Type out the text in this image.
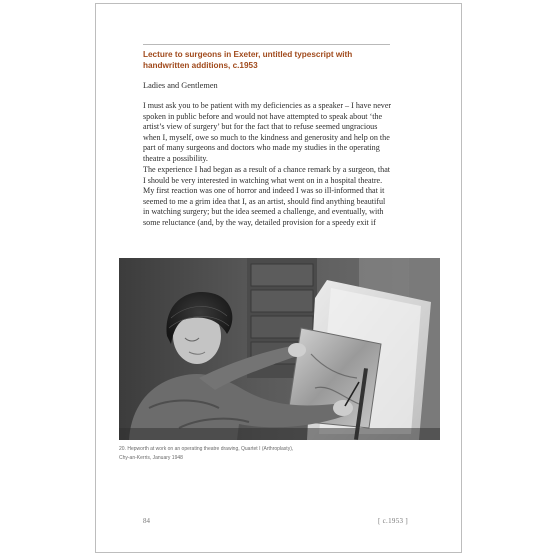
Lecture to surgeons in Exeter, untitled typescript with
handwritten additions, c.1953
Ladies and Gentlemen
I must ask you to be patient with my deficiencies as a speaker – I have never
spoken in public before and would not have attempted to speak about ‘the
artist’s view of surgery’ but for the fact that to refuse seemed ungracious
when I, myself, owe so much to the kindness and generosity and help on the
part of many surgeons and doctors who made my studies in the operating
theatre a possibility.
The experience I had began as a result of a chance remark by a surgeon, that
I should be very interested in watching what went on in a hospital theatre.
My first reaction was one of horror and indeed I was so ill-informed that it
seemed to me a grim idea that I, as an artist, should find anything beautiful
in watching surgery; but the idea seemed a challenge, and eventually, with
some reluctance (and, by the way, detailed provision for a speedy exit if
20. Hepworth at work on an operating theatre drawing, Quartet I (Arthroplasty),
Chy-an-Kerris, January 1948
84	[ c.1953 ]
